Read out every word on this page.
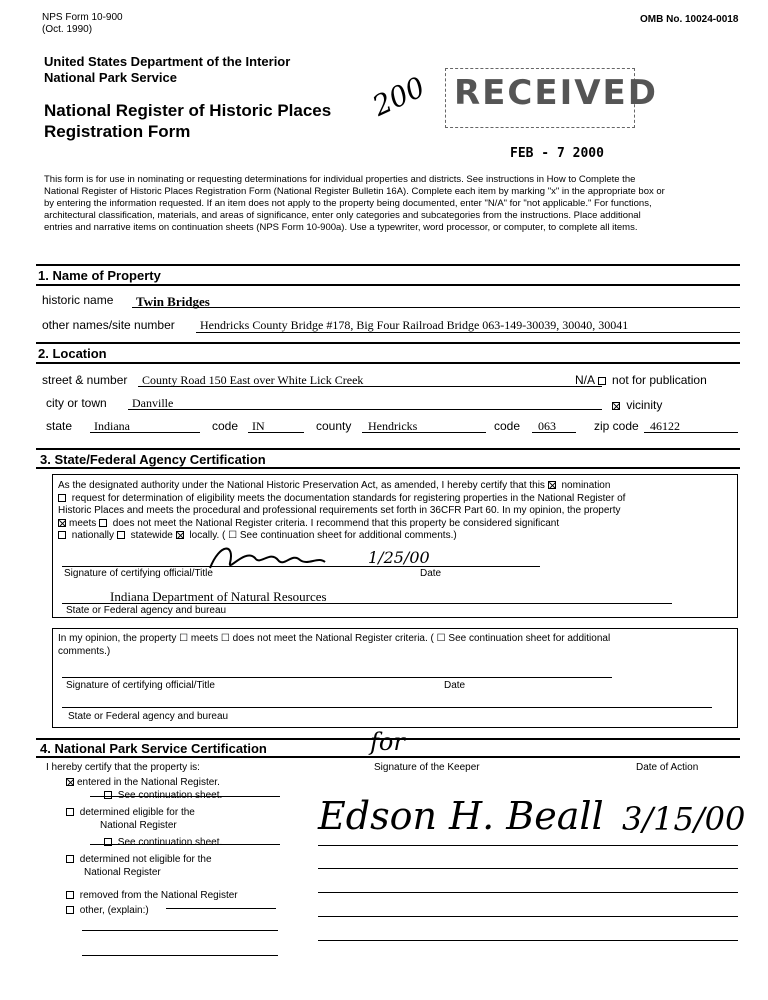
NPS Form 10-900
(Oct. 1990)
OMB No. 10024-0018
United States Department of the Interior
National Park Service
National Register of Historic Places
Registration Form
200 RECEIVED
FEB - 7 2000
This form is for use in nominating or requesting determinations for individual properties and districts. See instructions in How to Complete the
National Register of Historic Places Registration Form (National Register Bulletin 16A). Complete each item by marking "x" in the appropriate box or
by entering the information requested. If an item does not apply to the property being documented, enter "N/A" for "not applicable." For functions,
architectural classification, materials, and areas of significance, enter only categories and subcategories from the instructions. Place additional
entries and narrative items on continuation sheets (NPS Form 10-900a). Use a typewriter, word processor, or computer, to complete all items.
1. Name of Property
historic name Twin Bridges
other names/site number Hendricks County Bridge #178, Big Four Railroad Bridge 063-149-30039, 30040, 30041
2. Location
street & number County Road 150 East over White Lick Creek	N/A not for publication
city or town Danville	vicinity
state Indiana	code IN	county Hendricks	code 063	zip code 46122
3. State/Federal Agency Certification
As the designated authority under the National Historic Preservation Act, as amended, I hereby certify that this nomination
request for determination of eligibility meets the documentation standards for registering properties in the National Register of
Historic Places and meets the procedural and professional requirements set forth in 36CFR Part 60. In my opinion, the property
meets does not meet the National Register criteria. I recommend that this property be considered significant
nationally statewide locally. ( ☐ See continuation sheet for additional comments.)
1/25/00
Signature of certifying official/Title	Date
Indiana Department of Natural Resources
State or Federal agency and bureau
In my opinion, the property ☐ meets ☐ does not meet the National Register criteria. ( ☐ See continuation sheet for additional
comments.)
Signature of certifying official/Title	Date
State or Federal agency and bureau
4. National Park Service Certification
I hereby certify that the property is:	Signature of the Keeper	Date of Action
entered in the National Register.
See continuation sheet.
determined eligible for the
National Register
See continuation sheet.
determined not eligible for the
National Register
removed from the National Register
other, (explain:)
for
Edson H. Beall 3/15/00
